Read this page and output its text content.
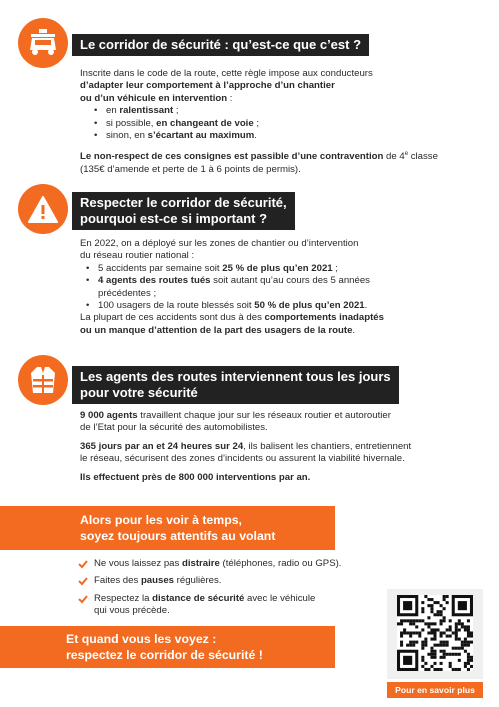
Le corridor de sécurité : qu’est-ce que c’est ?

Inscrite dans le code de la route, cette règle impose aux conducteurs

d’adapter leur comportement à l’approche d’un chantier

ou d’un véhicule en intervention :

• en ralentissant ;
• si possible, en changeant de voie ;
• sinon, en s’écartant au maximum.

Le non-respect de ces consignes est passible d’une contravention de 4e classe

(135€ d’amende et perte de 1 à 6 points de permis).

Respecter le corridor de sécurité,
pourquoi est-ce si important ?

En 2022, on a déployé sur les zones de chantier ou d’intervention

du réseau routier national :

• 5 accidents par semaine soit 25 % de plus qu’en 2021 ;
• 4 agents des routes tués soit autant qu’au cours des 5 années
précédentes ;
• 100 usagers de la route blessés soit 50 % de plus qu’en 2021.

La plupart de ces accidents sont dus à des comportements inadaptés

ou un manque d’attention de la part des usagers de la route.

Les agents des routes interviennent tous les jours
pour votre sécurité

9 000 agents travaillent chaque jour sur les réseaux routier et autoroutier

de l’Etat pour la sécurité des automobilistes.

365 jours par an et 24 heures sur 24, ils balisent les chantiers, entretiennent

le réseau, sécurisent des zones d’incidents ou assurent la viabilité hivernale.

Ils effectuent près de 800 000 interventions par an.

Alors pour les voir à temps,
soyez toujours attentifs au volant
Ne vous laissez pas distraire (téléphones, radio ou GPS).
Faites des pauses régulières.
Respectez la distance de sécurité avec le véhicule
qui vous précède.
Et quand vous les voyez :
respectez le corridor de sécurité !
Pour en savoir plus
